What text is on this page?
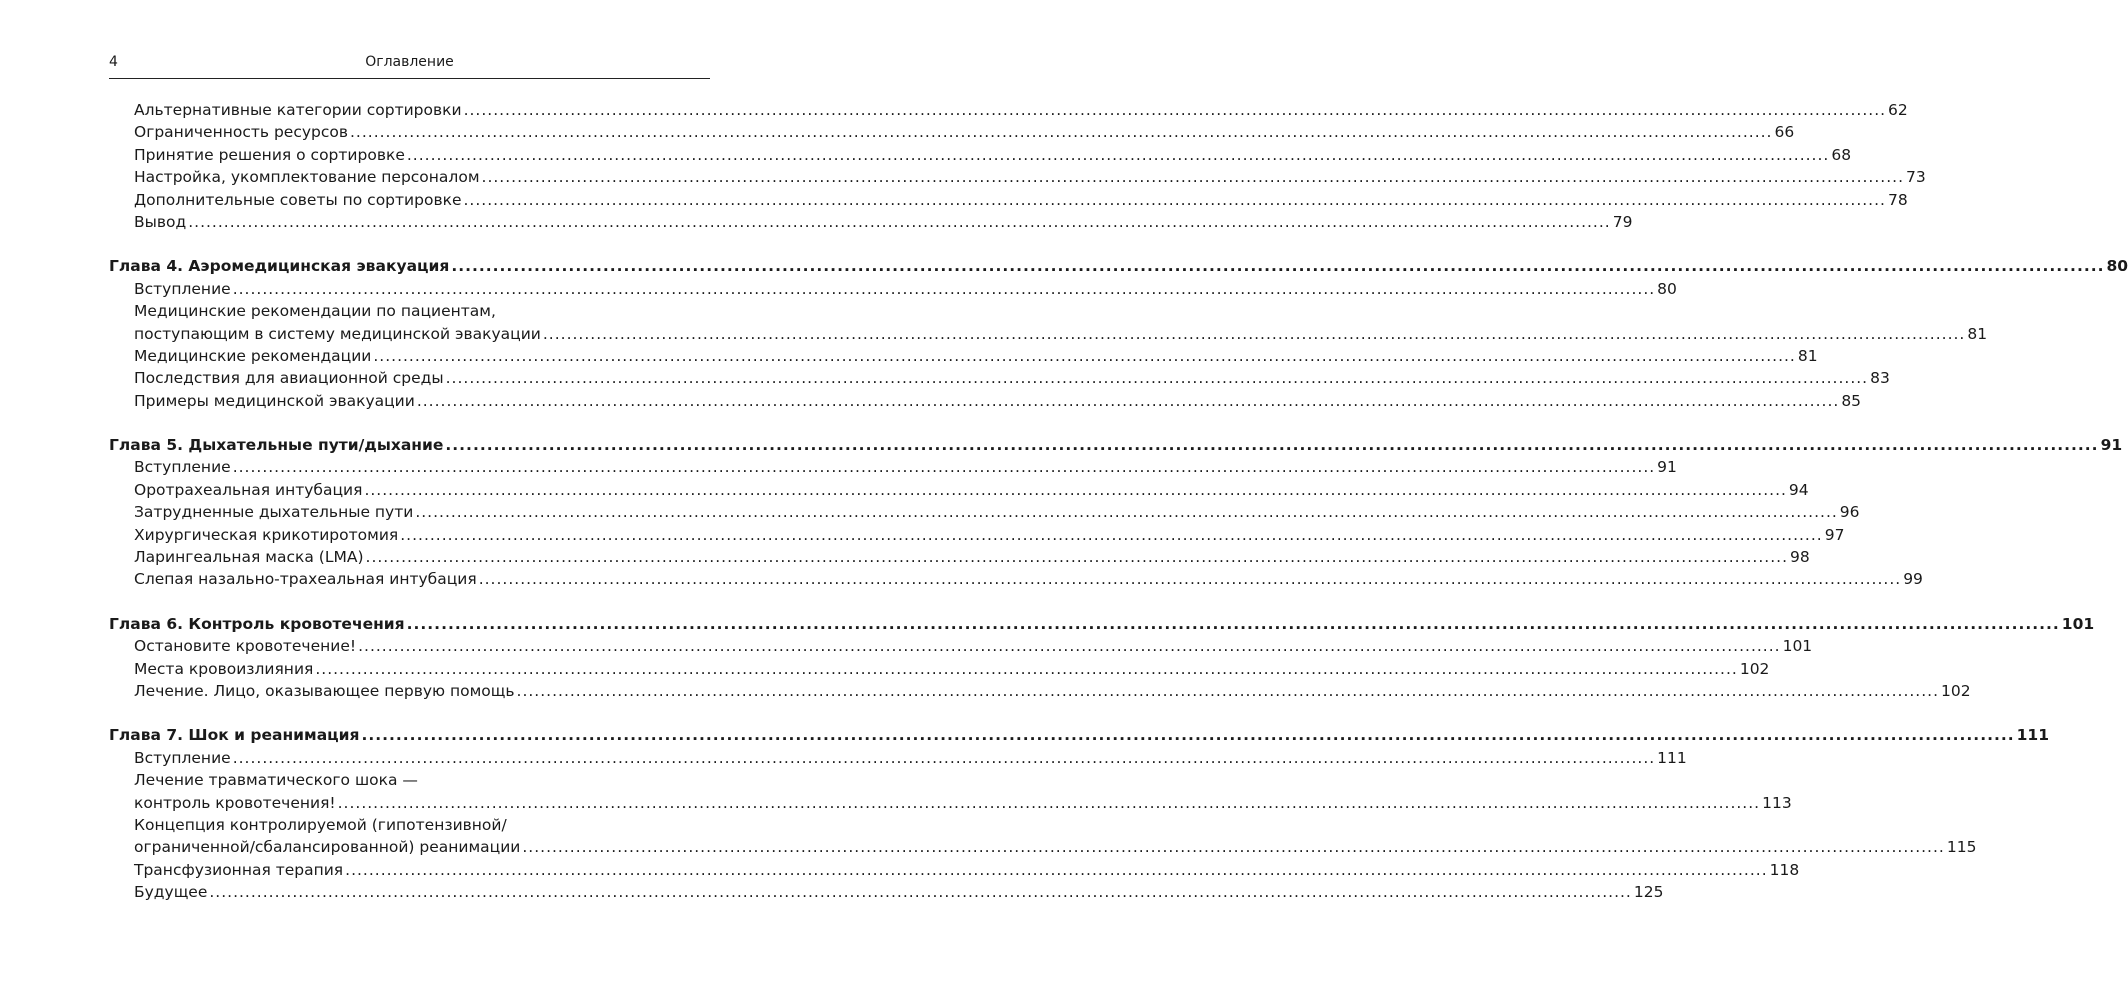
4	Оглавление
Альтернативные категории сортировки .....	62
Ограниченность ресурсов .....	66
Принятие решения о сортировке .....	68
Настройка, укомплектование персоналом .....	73
Дополнительные советы по сортировке .....	78
Вывод .....	79
Глава 4. Аэромедицинская эвакуация .....	80
Вступление .....	80
Медицинские рекомендации по пациентам,
поступающим в систему медицинской эвакуации .....	81
Медицинские рекомендации .....	81
Последствия для авиационной среды .....	83
Примеры медицинской эвакуации .....	85
Глава 5. Дыхательные пути/дыхание .....	91
Вступление .....	91
Оротрахеальная интубация .....	94
Затрудненные дыхательные пути .....	96
Хирургическая крикотиротомия .....	97
Ларингеальная маска (LMA) .....	98
Слепая назально-трахеальная интубация .....	99
Глава 6. Контроль кровотечения .....	101
Остановите кровотечение! .....	101
Места кровоизлияния .....	102
Лечение. Лицо, оказывающее первую помощь .....	102
Глава 7. Шок и реанимация .....	111
Вступление .....	111
Лечение травматического шока —
контроль кровотечения! .....	113
Концепция контролируемой (гипотензивной/
ограниченной/сбалансированной) реанимации .....	115
Трансфузионная терапия .....	118
Будущее .....	125
